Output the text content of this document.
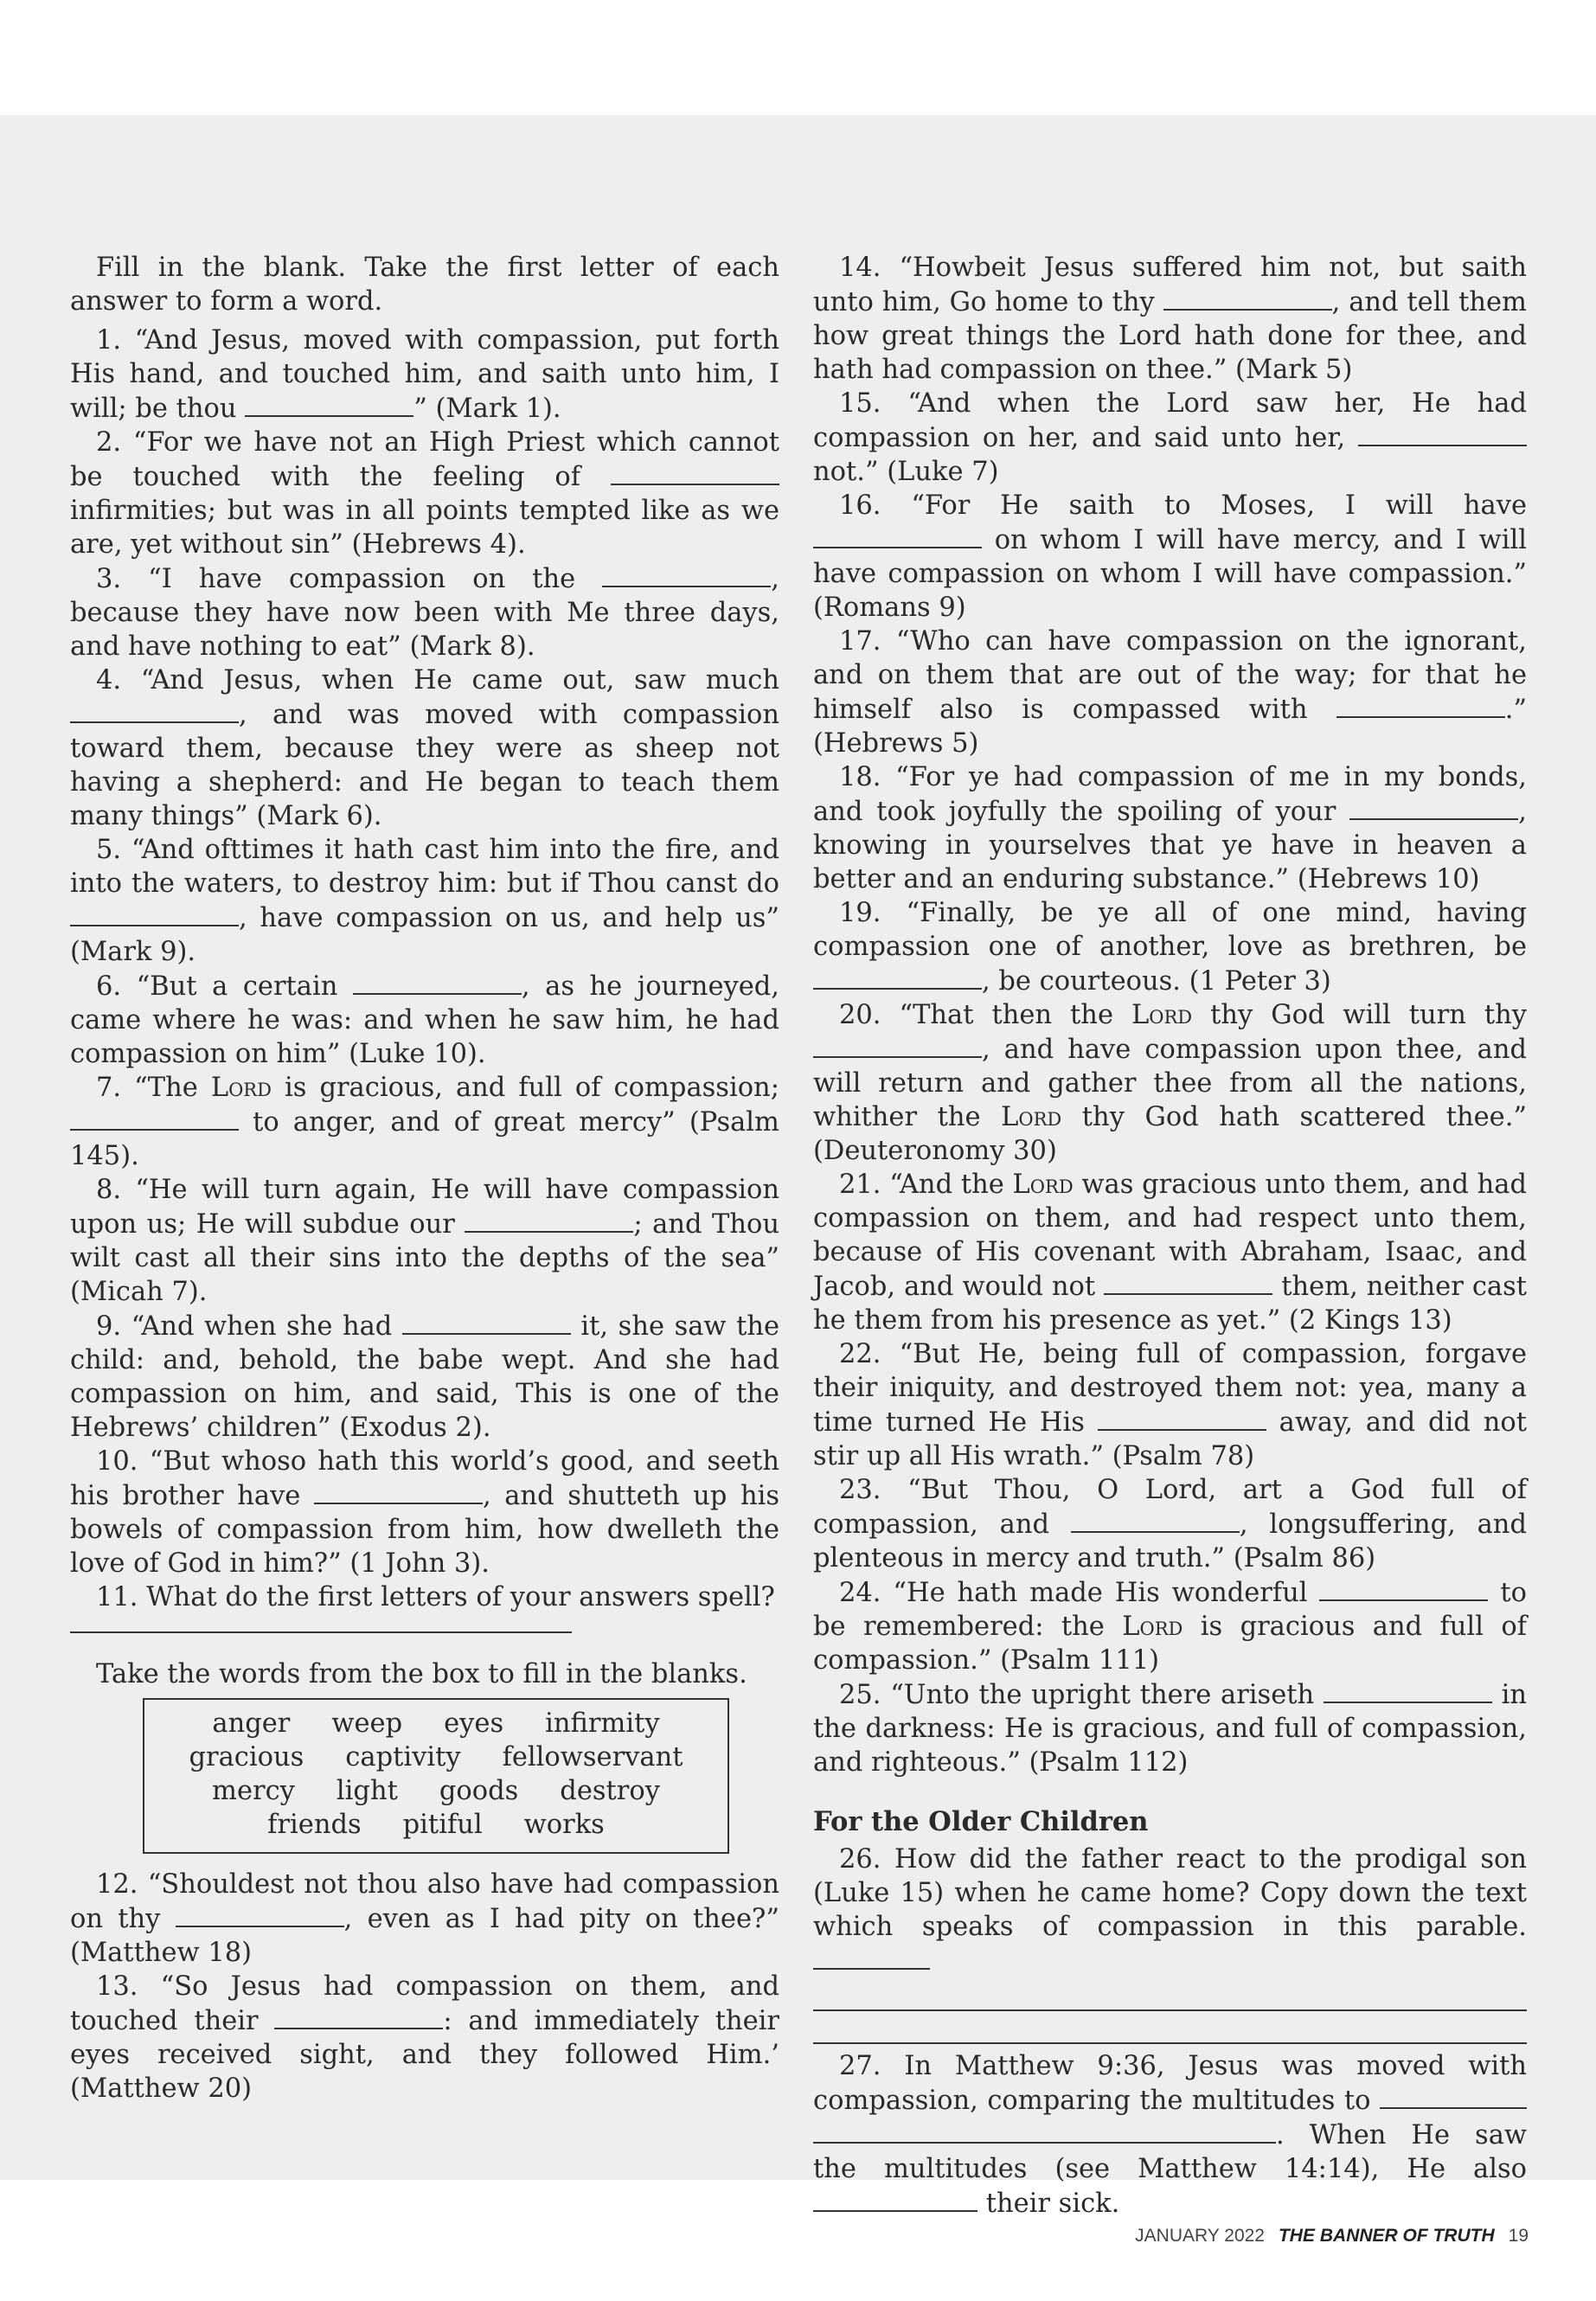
Fill in the blank. Take the first letter of each answer to form a word.

1. “And Jesus, moved with compassion, put forth His hand, and touched him, and saith unto him, I will; be thou	” (Mark 1).

2. “For we have not an High Priest which cannot be touched with the feeling of  infirmities; but was in all points tempted like as we are, yet without sin” (Hebrews 4).

3. “I have compassion on the	, because they have now been with Me three days, and have nothing to eat” (Mark 8).

4. “And Jesus, when He came out, saw much , and was moved with compassion toward them, because they were as sheep not having a shepherd: and He began to teach them many things” (Mark 6).

5. “And ofttimes it hath cast him into the fire, and into the waters, to destroy him: but if Thou canst do , have compassion on us, and help us” (Mark 9).

6. “But a certain	, as he journeyed, came where he was: and when he saw him, he had compassion on him” (Luke 10).

7. “The Lord is gracious, and full of compassion;  to anger, and of great mercy” (Psalm 145).

8. “He will turn again, He will have compassion upon us; He will subdue our	; and Thou wilt cast all their sins into the depths of the sea” (Micah 7).

9. “And when she had	it, she saw the child: and, behold, the babe wept. And she had compassion on him, and said, This is one of the Hebrews’ children” (Exodus 2).

10. “But whoso hath this world’s good, and seeth his brother have	, and shutteth up his bowels of compassion from him, how dwelleth the love of God in him?” (1 John 3).

11. What do the first letters of your answers spell?

Take the words from the box to fill in the blanks.

anger weep eyes infirmity
gracious captivity fellowservant
mercy light goods destroy
friends pitiful works

12. “Shouldest not thou also have had compassion on thy	, even as I had pity on thee?” (Matthew 18)

13. “So Jesus had compassion on them, and touched their	: and immediately their eyes received sight, and they followed Him.’ (Matthew 20)

14. “Howbeit Jesus suffered him not, but saith unto him, Go home to thy	, and tell them how great things the Lord hath done for thee, and hath had compassion on thee.” (Mark 5)

15. “And when the Lord saw her, He had compassion on her, and said unto her,  not.” (Luke 7)

16. “For He saith to Moses, I will have  on whom I will have mercy, and I will have compassion on whom I will have compassion.” (Romans 9)

17. “Who can have compassion on the ignorant, and on them that are out of the way; for that he himself also is compassed with	.” (Hebrews 5)

18. “For ye had compassion of me in my bonds, and took joyfully the spoiling of your	, knowing in yourselves that ye have in heaven a better and an enduring substance.” (Hebrews 10)

19. “Finally, be ye all of one mind, having compassion one of another, love as brethren, be , be courteous. (1 Peter 3)

20. “That then the Lord thy God will turn thy , and have compassion upon thee, and will return and gather thee from all the nations, whither the Lord thy God hath scattered thee.” (Deuteronomy 30)

21. “And the Lord was gracious unto them, and had compassion on them, and had respect unto them, because of His covenant with Abraham, Isaac, and Jacob, and would not	them, neither cast he them from his presence as yet.” (2 Kings 13)

22. “But He, being full of compassion, forgave their iniquity, and destroyed them not: yea, many a time turned He His	away, and did not stir up all His wrath.” (Psalm 78)

23. “But Thou, O Lord, art a God full of compassion, and	, longsuffering, and plenteous in mercy and truth.” (Psalm 86)

24. “He hath made His wonderful	to be remembered: the Lord is gracious and full of compassion.” (Psalm 111)

25. “Unto the upright there ariseth	in the darkness: He is gracious, and full of compassion, and righteous.” (Psalm 112)

For the Older Children

26. How did the father react to the prodigal son (Luke 15) when he came home? Copy down the text which speaks of compassion in this parable.

27. In Matthew 9:36, Jesus was moved with compassion, comparing the multitudes to  . When He saw the multitudes (see Matthew 14:14), He also  their sick.

JANUARY 2022 THE BANNER OF TRUTH 19
